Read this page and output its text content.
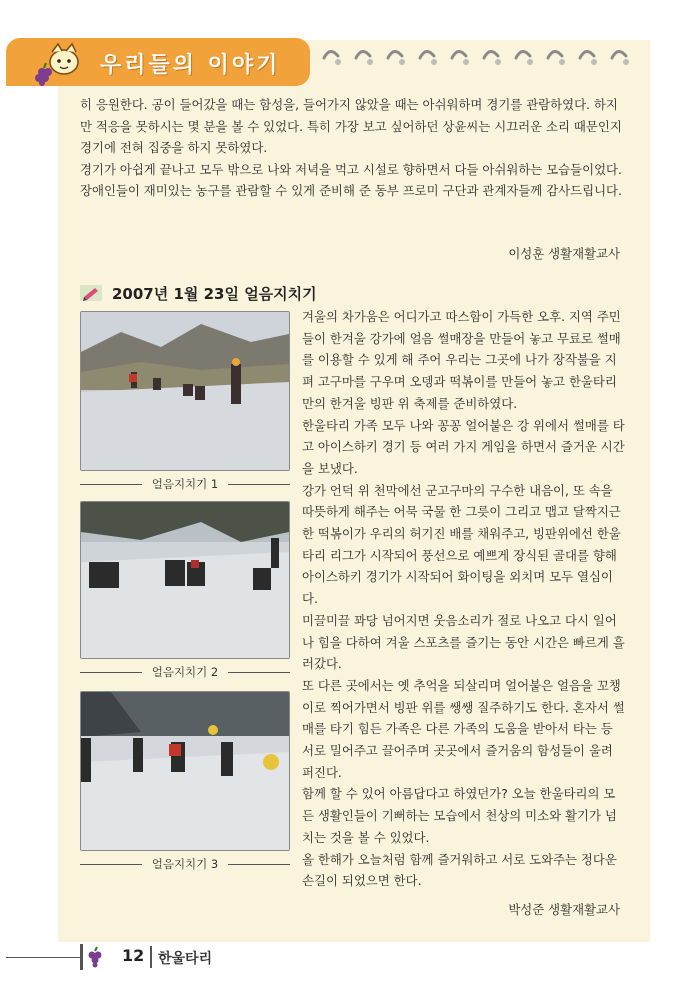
우리들의 이야기

히 응원한다. 공이 들어갔을 때는 함성을, 들어가지 않았을 때는 아쉬워하며 경기를 관람하였다. 하지만 적응을 못하시는 몇 분을 볼 수 있었다. 특히 가장 보고 싶어하던 상윤씨는 시끄러운 소리 때문인지 경기에 전혀 집중을 하지 못하였다.

경기가 아쉽게 끝나고 모두 밖으로 나와 저녁을 먹고 시설로 향하면서 다들 아쉬워하는 모습들이었다.

장애인들이 재미있는 농구를 관람할 수 있게 준비해 준 동부 프로미 구단과 관계자들께 감사드립니다.

이성훈 생활재활교사
2007년 1월 23일 얼음지치기
얼음지치기 1
얼음지치기 2
얼음지치기 3

겨울의 차가움은 어디가고 따스함이 가득한 오후. 지역 주민들이 한겨울 강가에 얼음 썰매장을 만들어 놓고 무료로 썰매를 이용할 수 있게 해 주어 우리는 그곳에 나가 장작불을 지펴 고구마를 구우며 오뎅과 떡볶이를 만들어 놓고 한울타리만의 한겨울 빙판 위 축제를 준비하였다.

한울타리 가족 모두 나와 꽁꽁 얼어붙은 강 위에서 썰매를 타고 아이스하키 경기 등 여러 가지 게임을 하면서 즐거운 시간을 보냈다.

강가 언덕 위 천막에선 군고구마의 구수한 내음이, 또 속을 따뜻하게 해주는 어묵 국물 한 그릇이 그리고 맵고 달짝지근한 떡볶이가 우리의 허기진 배를 채워주고, 빙판위에선 한울타리 리그가 시작되어 풍선으로 예쁘게 장식된 골대를 향해 아이스하키 경기가 시작되어 화이팅을 외치며 모두 열심이다.

미끌미끌 꽈당 넘어지면 웃음소리가 절로 나오고 다시 일어나 힘을 다하여 겨울 스포츠를 즐기는 동안 시간은 빠르게 흘러갔다.

또 다른 곳에서는 옛 추억을 되살리며 얼어붙은 얼음을 꼬챙이로 찍어가면서 빙판 위를 쌩쌩 질주하기도 한다. 혼자서 썰매를 타기 힘든 가족은 다른 가족의 도움을 받아서 타는 등 서로 밀어주고 끌어주며 곳곳에서 즐거움의 함성들이 울려 퍼진다.

함께 할 수 있어 아름답다고 하였던가? 오늘 한울타리의 모든 생활인들이 기뻐하는 모습에서 천상의 미소와 활기가 넘치는 것을 볼 수 있었다.

올 한해가 오늘처럼 함께 즐거워하고 서로 도와주는 정다운 손길이 되었으면 한다.

박성준 생활재활교사
12 한울타리
